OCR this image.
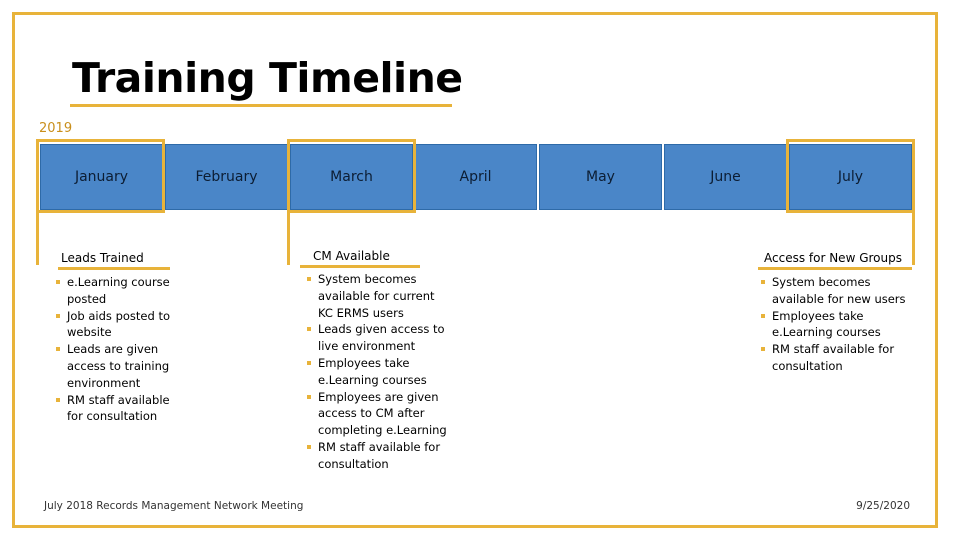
Training Timeline
2019
January	February	March	April	May	June	July
Leads Trained
e.Learning course posted
Job aids posted to website
Leads are given access to training environment
RM staff available for consultation
CM Available
System becomes available for current KC ERMS users
Leads given access to live environment
Employees take e.Learning courses
Employees are given access to CM after completing e.Learning
RM staff available for consultation
Access for New Groups
System becomes available for new users
Employees take e.Learning courses
RM staff available for consultation
July 2018 Records Management Network Meeting	9/25/2020
